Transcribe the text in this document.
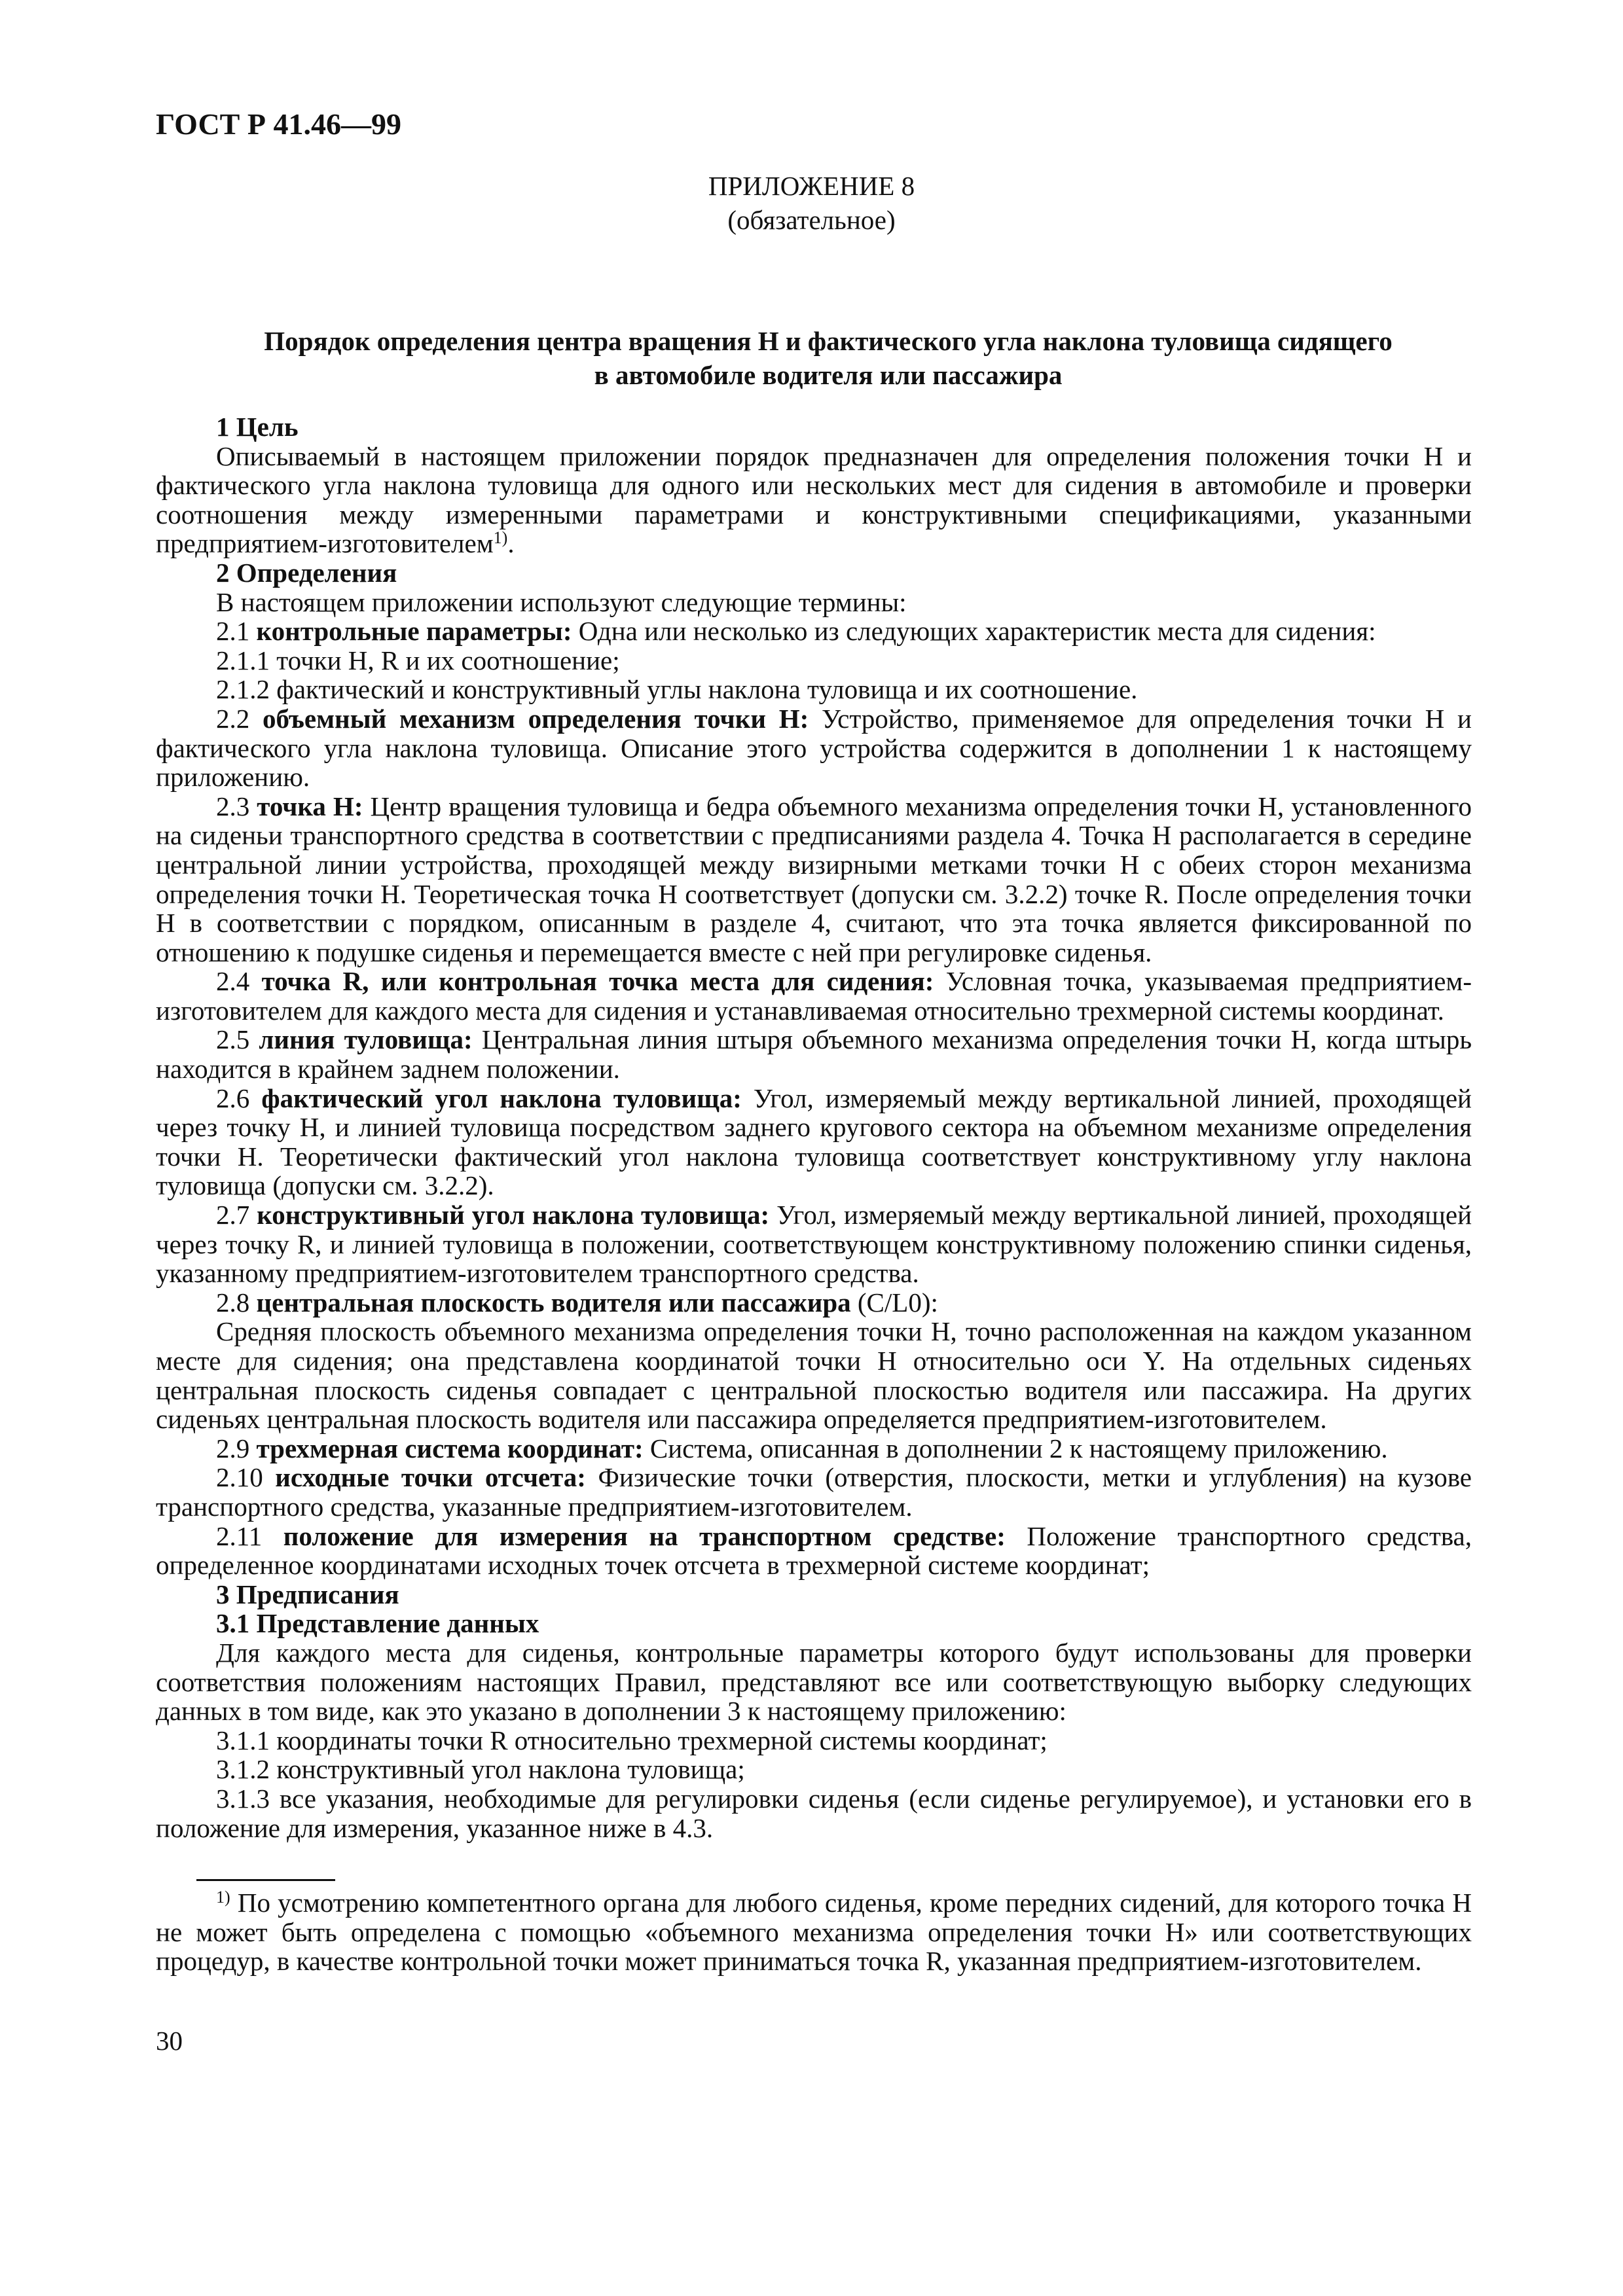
ГОСТ Р 41.46—99
ПРИЛОЖЕНИЕ 8
(обязательное)
Порядок определения центра вращения H и фактического угла наклона туловища сидящего
в автомобиле водителя или пассажира

1 Цель

Описываемый в настоящем приложении порядок предназначен для определения положения точки H и фактического угла наклона туловища для одного или нескольких мест для сидения в автомобиле и проверки соотношения между измеренными параметрами и конструктивными спецификациями, указанными предприятием-изготовителем$^{1)}$.

2 Определения

В настоящем приложении используют следующие термины:

2.1 контрольные параметры: Одна или несколько из следующих характеристик места для сидения:

2.1.1 точки H, R и их соотношение;

2.1.2 фактический и конструктивный углы наклона туловища и их соотношение.

2.2 объемный механизм определения точки H: Устройство, применяемое для определения точки H и фактического угла наклона туловища. Описание этого устройства содержится в дополнении 1 к настоящему приложению.

2.3 точка H: Центр вращения туловища и бедра объемного механизма определения точки H, установленного на сиденьи транспортного средства в соответствии с предписаниями раздела 4. Точка H располагается в середине центральной линии устройства, проходящей между визирными метками точки H с обеих сторон механизма определения точки H. Теоретическая точка H соответствует (допуски см. 3.2.2) точке R. После определения точки H в соответствии с порядком, описанным в разделе 4, считают, что эта точка является фиксированной по отношению к подушке сиденья и перемещается вместе с ней при регулировке сиденья.

2.4 точка R, или контрольная точка места для сидения: Условная точка, указываемая предприятием-изготовителем для каждого места для сидения и устанавливаемая относительно трехмерной системы координат.

2.5 линия туловища: Центральная линия штыря объемного механизма определения точки H, когда штырь находится в крайнем заднем положении.

2.6 фактический угол наклона туловища: Угол, измеряемый между вертикальной линией, проходящей через точку H, и линией туловища посредством заднего кругового сектора на объемном механизме определения точки H. Теоретически фактический угол наклона туловища соответствует конструктивному углу наклона туловища (допуски см. 3.2.2).

2.7 конструктивный угол наклона туловища: Угол, измеряемый между вертикальной линией, проходящей через точку R, и линией туловища в положении, соответствующем конструктивному положению спинки сиденья, указанному предприятием-изготовителем транспортного средства.

2.8 центральная плоскость водителя или пассажира (C/L0):

Средняя плоскость объемного механизма определения точки H, точно расположенная на каждом указанном месте для сидения; она представлена координатой точки H относительно оси Y. На отдельных сиденьях центральная плоскость сиденья совпадает с центральной плоскостью водителя или пассажира. На других сиденьях центральная плоскость водителя или пассажира определяется предприятием-изготовителем.

2.9 трехмерная система координат: Система, описанная в дополнении 2 к настоящему приложению.

2.10 исходные точки отсчета: Физические точки (отверстия, плоскости, метки и углубления) на кузове транспортного средства, указанные предприятием-изготовителем.

2.11 положение для измерения на транспортном средстве: Положение транспортного средства, определенное координатами исходных точек отсчета в трехмерной системе координат;

3 Предписания

3.1 Представление данных

Для каждого места для сиденья, контрольные параметры которого будут использованы для проверки соответствия положениям настоящих Правил, представляют все или соответствующую выборку следующих данных в том виде, как это указано в дополнении 3 к настоящему приложению:

3.1.1 координаты точки R относительно трехмерной системы координат;

3.1.2 конструктивный угол наклона туловища;

3.1.3 все указания, необходимые для регулировки сиденья (если сиденье регулируемое), и установки его в положение для измерения, указанное ниже в 4.3.

$^{1)}$ По усмотрению компетентного органа для любого сиденья, кроме передних сидений, для которого точка H не может быть определена с помощью «объемного механизма определения точки H» или соответствующих процедур, в качестве контрольной точки может приниматься точка R, указанная предприятием-изготовителем.
30
